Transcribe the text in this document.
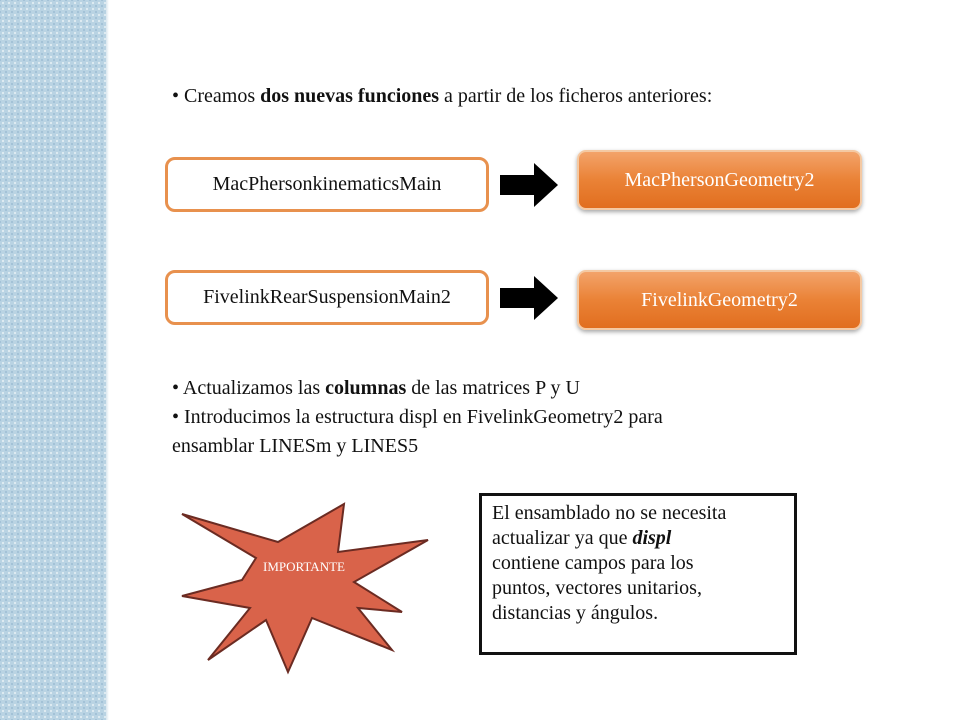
• Creamos dos nuevas funciones a partir de los ficheros anteriores:
MacPhersonkinematicsMain	MacPhersonGeometry2
FivelinkRearSuspensionMain2	FivelinkGeometry2
• Actualizamos las columnas de las matrices P y U
• Introducimos la estructura displ en FivelinkGeometry2 para
ensamblar LINESm y LINES5
IMPORTANTE
El ensamblado no se necesita
actualizar ya que displ
contiene campos para los
puntos, vectores unitarios,
distancias y ángulos.
